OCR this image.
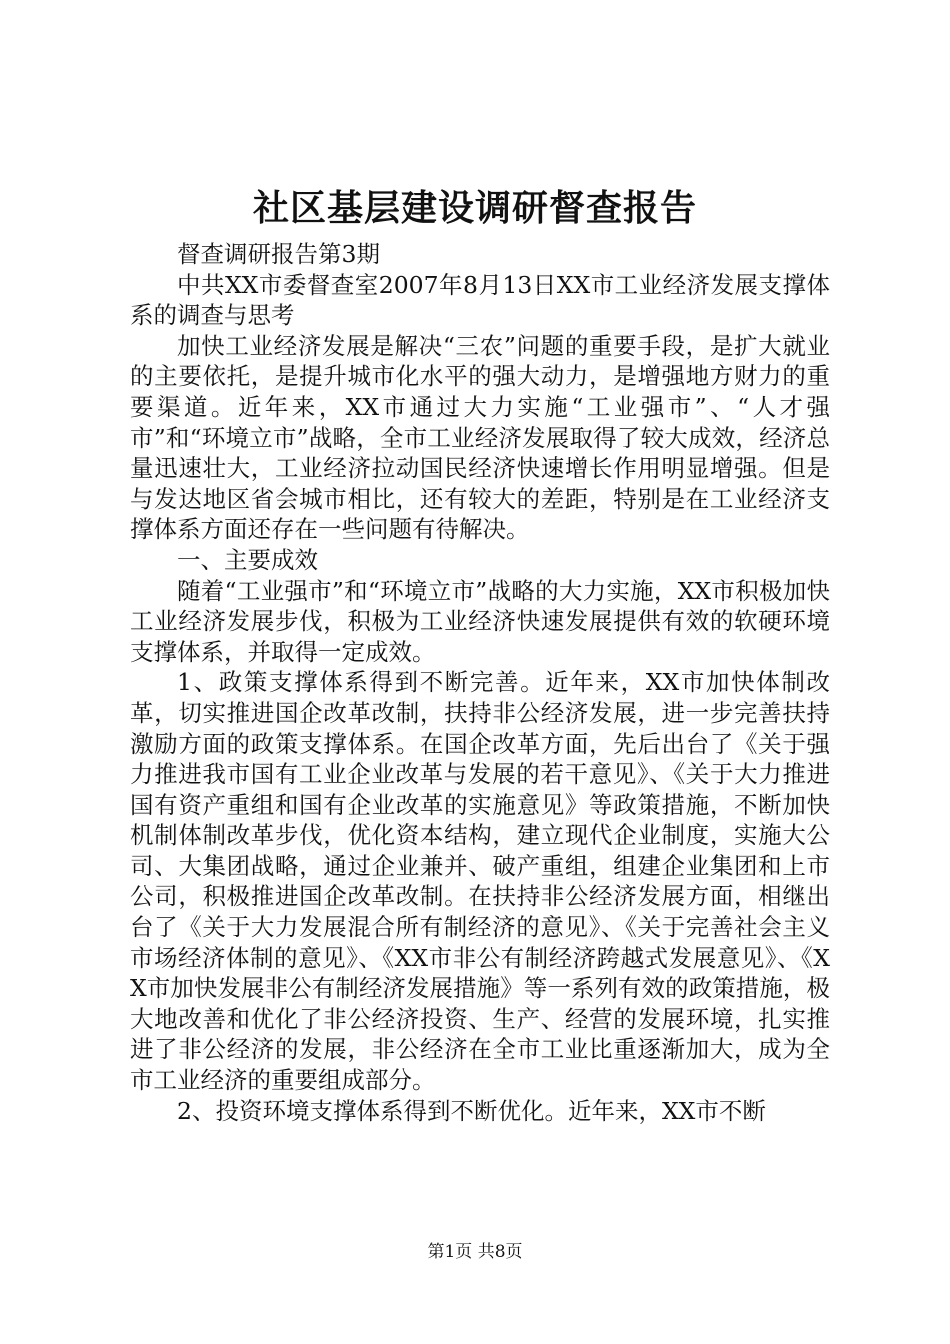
社区基层建设调研督查报告

督查调研报告第3期

中共XX市委督查室2007年8月13日XX市工业经济发展支撑体系的调查与思考

加快工业经济发展是解决“三农”问题的重要手段，是扩大就业的主要依托，是提升城市化水平的强大动力，是增强地方财力的重要渠道。近年来，XX市通过大力实施“工业强市”、“人才强市”和“环境立市”战略，全市工业经济发展取得了较大成效，经济总量迅速壮大，工业经济拉动国民经济快速增长作用明显增强。但是与发达地区省会城市相比，还有较大的差距，特别是在工业经济支撑体系方面还存在一些问题有待解决。

一、主要成效

随着“工业强市”和“环境立市”战略的大力实施，XX市积极加快工业经济发展步伐，积极为工业经济快速发展提供有效的软硬环境支撑体系，并取得一定成效。

1、政策支撑体系得到不断完善。近年来，XX市加快体制改革，切实推进国企改革改制，扶持非公经济发展，进一步完善扶持激励方面的政策支撑体系。在国企改革方面，先后出台了《关于强力推进我市国有工业企业改革与发展的若干意见》、《关于大力推进国有资产重组和国有企业改革的实施意见》等政策措施，不断加快机制体制改革步伐，优化资本结构，建立现代企业制度，实施大公司、大集团战略，通过企业兼并、破产重组，组建企业集团和上市公司，积极推进国企改革改制。在扶持非公经济发展方面，相继出台了《关于大力发展混合所有制经济的意见》、《关于完善社会主义市场经济体制的意见》、《XX市非公有制经济跨越式发展意见》、《XX市加快发展非公有制经济发展措施》等一系列有效的政策措施，极大地改善和优化了非公经济投资、生产、经营的发展环境，扎实推进了非公经济的发展，非公经济在全市工业比重逐渐加大，成为全市工业经济的重要组成部分。

2、投资环境支撑体系得到不断优化。近年来，XX市不断

第1页 共8页
